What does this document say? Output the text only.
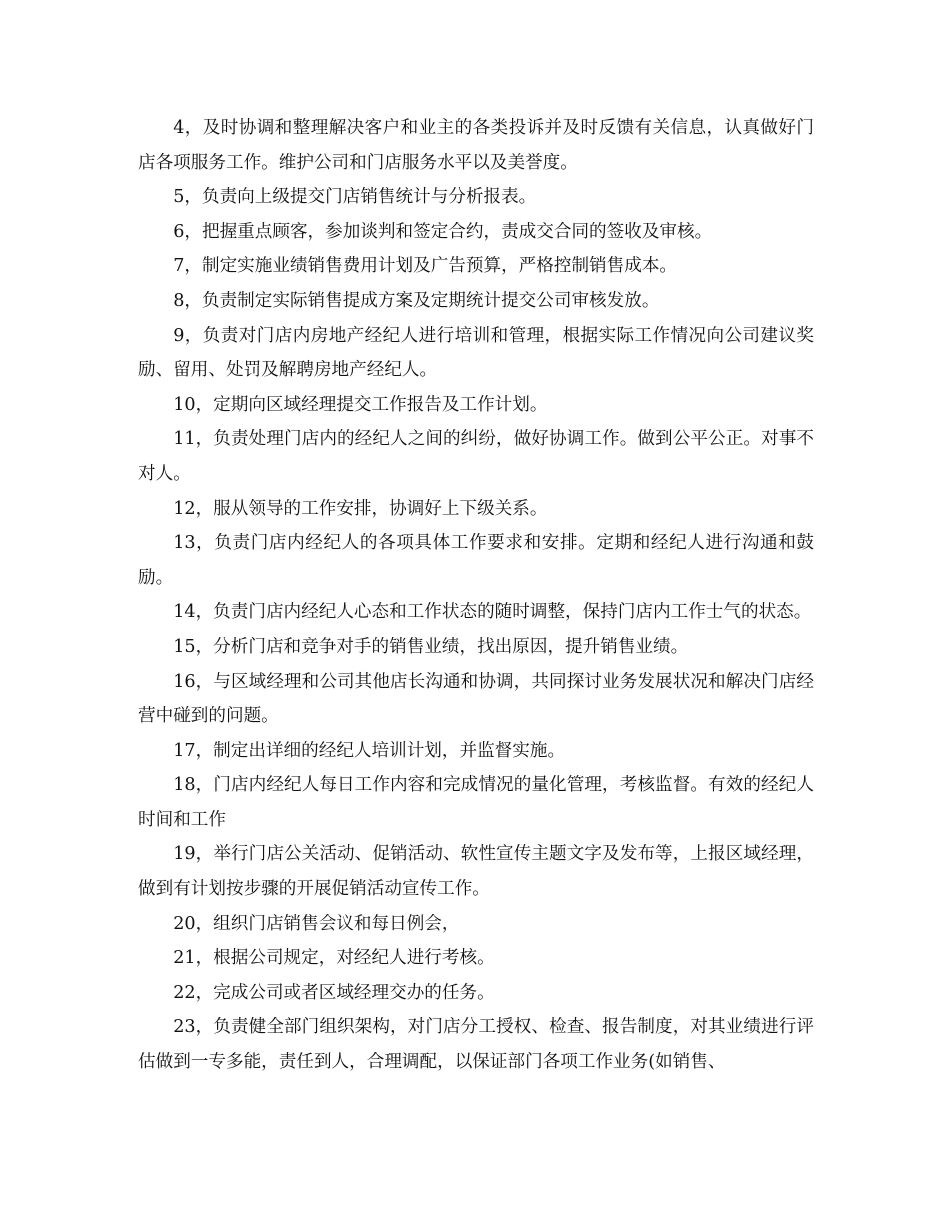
4，及时协调和整理解决客户和业主的各类投诉并及时反馈有关信息，认真做好门店各项服务工作。维护公司和门店服务水平以及美誉度。

5，负责向上级提交门店销售统计与分析报表。

6，把握重点顾客，参加谈判和签定合约，责成交合同的签收及审核。

7，制定实施业绩销售费用计划及广告预算，严格控制销售成本。

8，负责制定实际销售提成方案及定期统计提交公司审核发放。

9，负责对门店内房地产经纪人进行培训和管理，根据实际工作情况向公司建议奖励、留用、处罚及解聘房地产经纪人。

10，定期向区域经理提交工作报告及工作计划。

11，负责处理门店内的经纪人之间的纠纷，做好协调工作。做到公平公正。对事不对人。

12，服从领导的工作安排，协调好上下级关系。

13，负责门店内经纪人的各项具体工作要求和安排。定期和经纪人进行沟通和鼓励。

14，负责门店内经纪人心态和工作状态的随时调整，保持门店内工作士气的状态。

15，分析门店和竞争对手的销售业绩，找出原因，提升销售业绩。

16，与区域经理和公司其他店长沟通和协调，共同探讨业务发展状况和解决门店经营中碰到的问题。

17，制定出详细的经纪人培训计划，并监督实施。

18，门店内经纪人每日工作内容和完成情况的量化管理，考核监督。有效的经纪人时间和工作

19，举行门店公关活动、促销活动、软性宣传主题文字及发布等，上报区域经理，做到有计划按步骤的开展促销活动宣传工作。

20，组织门店销售会议和每日例会，

21，根据公司规定，对经纪人进行考核。

22，完成公司或者区域经理交办的任务。

23，负责健全部门组织架构，对门店分工授权、检查、报告制度，对其业绩进行评估做到一专多能，责任到人，合理调配，以保证部门各项工作业务(如销售、
